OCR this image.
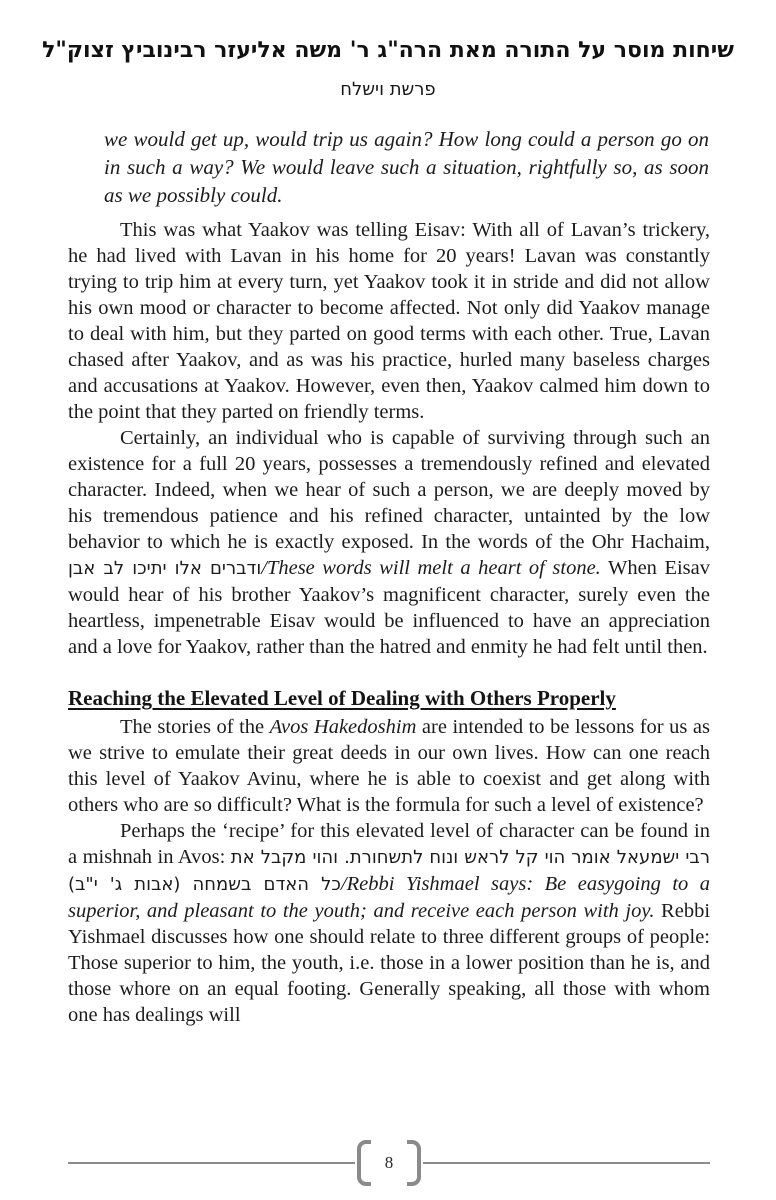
שיחות מוסר על התורה מאת הרה"ג ר' משה אליעזר רבינוביץ זצוק"ל
פרשת וישלח
we would get up, would trip us again? How long could a person go on in such a way? We would leave such a situation, rightfully so, as soon as we possibly could.

This was what Yaakov was telling Eisav: With all of Lavan’s trickery, he had lived with Lavan in his home for 20 years! Lavan was constantly trying to trip him at every turn, yet Yaakov took it in stride and did not allow his own mood or character to become affected. Not only did Yaakov manage to deal with him, but they parted on good terms with each other. True, Lavan chased after Yaakov, and as was his practice, hurled many baseless charges and accusations at Yaakov. However, even then, Yaakov calmed him down to the point that they parted on friendly terms.

Certainly, an individual who is capable of surviving through such an existence for a full 20 years, possesses a tremendously refined and elevated character. Indeed, when we hear of such a person, we are deeply moved by his tremendous patience and his refined character, untainted by the low behavior to which he is exactly exposed. In the words of the Ohr Hachaim, ודברים אלו יתיכו לב אבן/These words will melt a heart of stone. When Eisav would hear of his brother Yaakov’s magnificent character, surely even the heartless, impenetrable Eisav would be influenced to have an appreciation and a love for Yaakov, rather than the hatred and enmity he had felt until then.

Reaching the Elevated Level of Dealing with Others Properly

The stories of the Avos Hakedoshim are intended to be lessons for us as we strive to emulate their great deeds in our own lives. How can one reach this level of Yaakov Avinu, where he is able to coexist and get along with others who are so difficult? What is the formula for such a level of existence?

Perhaps the ‘recipe’ for this elevated level of character can be found in a mishnah in Avos: רבי ישמעאל אומר הוי קל לראש ונוח לתשחורת. והוי מקבל את כל האדם בשמחה (אבות ג' י"ב)/Rebbi Yishmael says: Be easygoing to a superior, and pleasant to the youth; and receive each person with joy. Rebbi Yishmael discusses how one should relate to three different groups of people: Those superior to him, the youth, i.e. those in a lower position than he is, and those whore on an equal footing. Generally speaking, all those with whom one has dealings will

8
